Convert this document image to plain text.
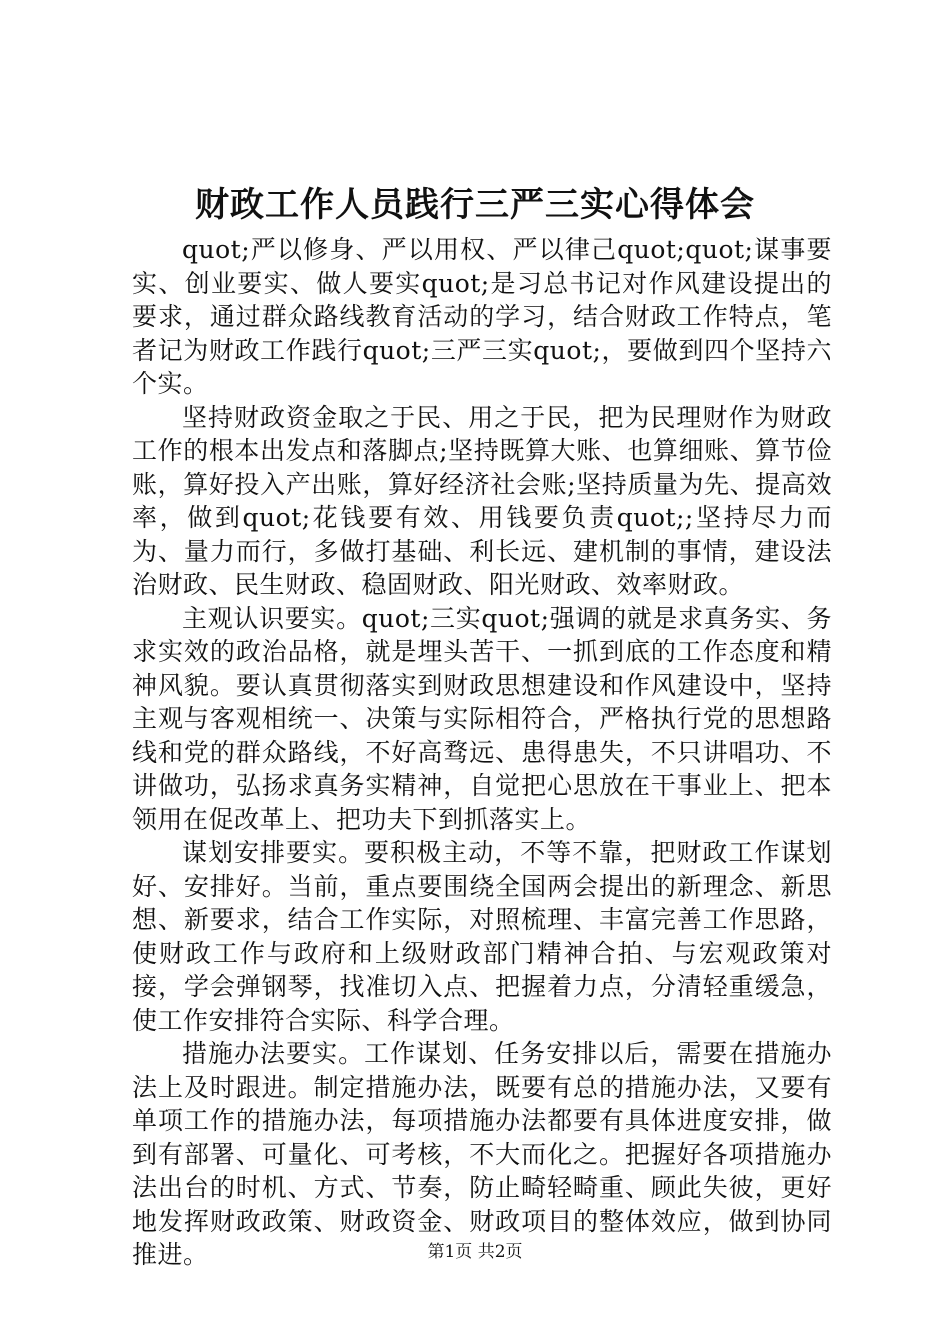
财政工作人员践行三严三实心得体会

quot;严以修身、严以用权、严以律己quot;quot;谋事要实、创业要实、做人要实quot;是习总书记对作风建设提出的要求，通过群众路线教育活动的学习，结合财政工作特点，笔者记为财政工作践行quot;三严三实quot;，要做到四个坚持六个实。

坚持财政资金取之于民、用之于民，把为民理财作为财政工作的根本出发点和落脚点;坚持既算大账、也算细账、算节俭账，算好投入产出账，算好经济社会账;坚持质量为先、提高效率，做到quot;花钱要有效、用钱要负责quot;;坚持尽力而为、量力而行，多做打基础、利长远、建机制的事情，建设法治财政、民生财政、稳固财政、阳光财政、效率财政。

主观认识要实。quot;三实quot;强调的就是求真务实、务求实效的政治品格，就是埋头苦干、一抓到底的工作态度和精神风貌。要认真贯彻落实到财政思想建设和作风建设中，坚持主观与客观相统一、决策与实际相符合，严格执行党的思想路线和党的群众路线，不好高骛远、患得患失，不只讲唱功、不讲做功，弘扬求真务实精神，自觉把心思放在干事业上、把本领用在促改革上、把功夫下到抓落实上。

谋划安排要实。要积极主动，不等不靠，把财政工作谋划好、安排好。当前，重点要围绕全国两会提出的新理念、新思想、新要求，结合工作实际，对照梳理、丰富完善工作思路，使财政工作与政府和上级财政部门精神合拍、与宏观政策对接，学会弹钢琴，找准切入点、把握着力点，分清轻重缓急，使工作安排符合实际、科学合理。

措施办法要实。工作谋划、任务安排以后，需要在措施办法上及时跟进。制定措施办法，既要有总的措施办法，又要有单项工作的措施办法，每项措施办法都要有具体进度安排，做到有部署、可量化、可考核，不大而化之。把握好各项措施办法出台的时机、方式、节奏，防止畸轻畸重、顾此失彼，更好地发挥财政政策、财政资金、财政项目的整体效应，做到协同推进。	第1页 共2页
